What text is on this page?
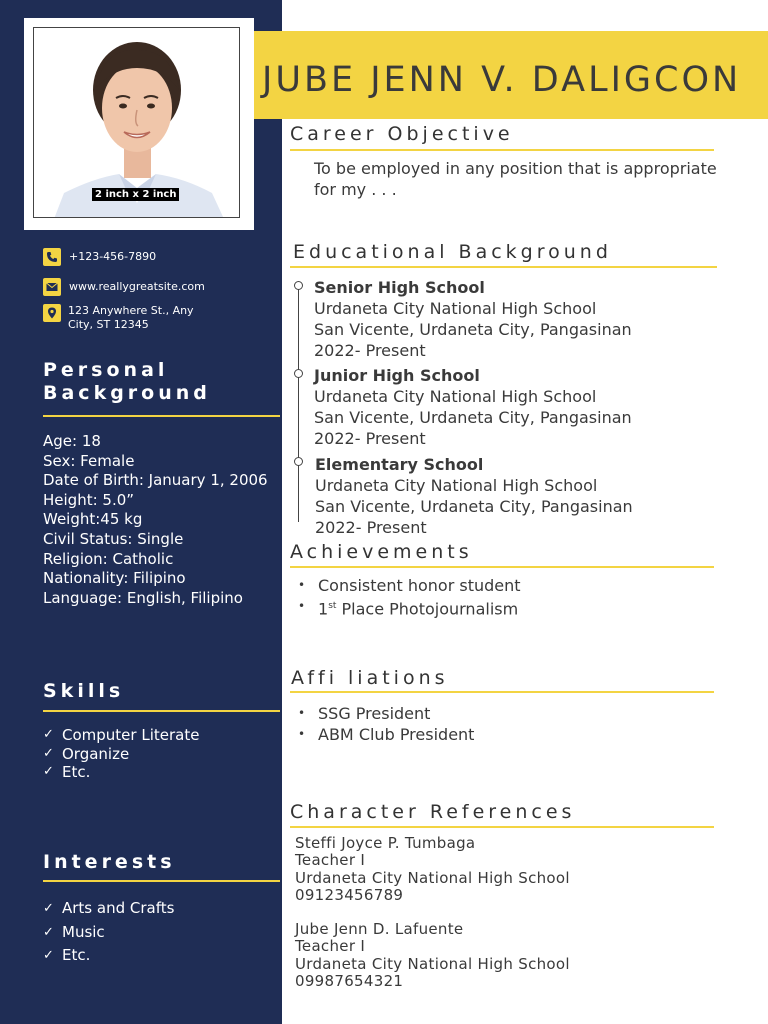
2 inch x 2 inch
+123-456-7890
www.reallygreatsite.com
123 Anywhere St., Any
City, ST 12345
Personal
Background
Age: 18
Sex: Female
Date of Birth: January 1, 2006
Height: 5.0”
Weight:45 kg
Civil Status: Single
Religion: Catholic
Nationality: Filipino
Language: English, Filipino
Skills
✓ Computer Literate
✓ Organize
✓ Etc.
Interests
✓ Arts and Crafts
✓ Music
✓ Etc.
JUBE JENN V. DALIGCON
Career Objective
To be employed in any position that is appropriate
for my . . .
Educational Background
Senior High School
Urdaneta City National High School
San Vicente, Urdaneta City, Pangasinan
2022- Present
Junior High School
Urdaneta City National High School
San Vicente, Urdaneta City, Pangasinan
2022- Present
Elementary School
Urdaneta City National High School
San Vicente, Urdaneta City, Pangasinan
2022- Present
Achievements
• Consistent honor student
• 1st Place Photojournalism
Affi liations
• SSG President
• ABM Club President
Character References
Steffi Joyce P. Tumbaga
Teacher I
Urdaneta City National High School
09123456789
Jube Jenn D. Lafuente
Teacher I
Urdaneta City National High School
09987654321
